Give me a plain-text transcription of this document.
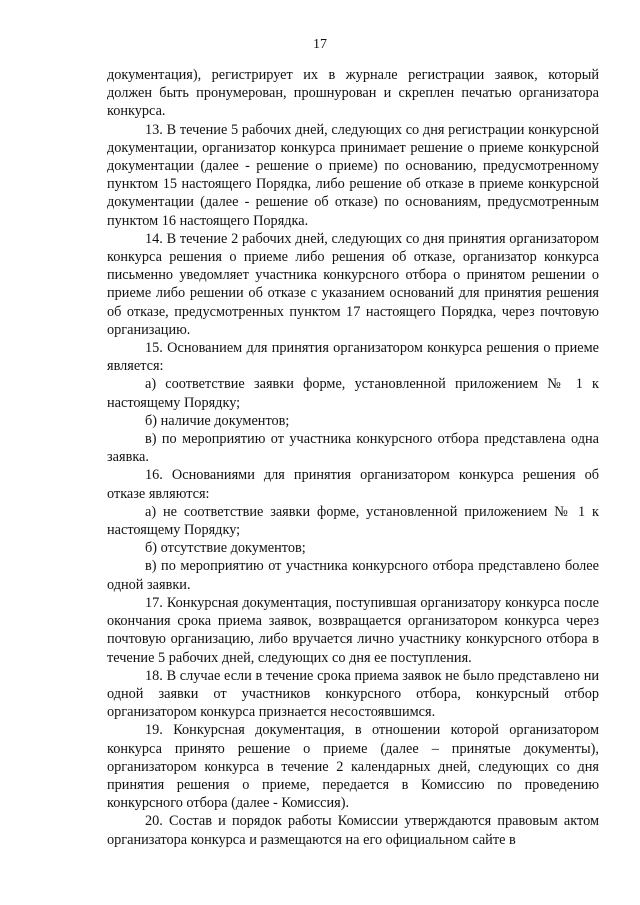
17

документация), регистрирует их в журнале регистрации заявок, который должен быть пронумерован, прошнурован и скреплен печатью организатора конкурса.

13. В течение 5 рабочих дней, следующих со дня регистрации конкурсной документации, организатор конкурса принимает решение о приеме конкурсной документации (далее - решение о приеме) по основанию, предусмотренному пунктом 15 настоящего Порядка, либо решение об отказе в приеме конкурсной документации (далее - решение об отказе) по основаниям, предусмотренным пунктом 16 настоящего Порядка.

14. В течение 2 рабочих дней, следующих со дня принятия организатором конкурса решения о приеме либо решения об отказе, организатор конкурса письменно уведомляет участника конкурсного отбора о принятом решении о приеме либо решении об отказе с указанием оснований для принятия решения об отказе, предусмотренных пунктом 17 настоящего Порядка, через почтовую организацию.

15. Основанием для принятия организатором конкурса решения о приеме является:

а) соответствие заявки форме, установленной приложением № 1 к настоящему Порядку;

б) наличие документов;

в) по мероприятию от участника конкурсного отбора представлена одна заявка.

16. Основаниями для принятия организатором конкурса решения об отказе являются:

а) не соответствие заявки форме, установленной приложением № 1 к настоящему Порядку;

б) отсутствие документов;

в) по мероприятию от участника конкурсного отбора представлено более одной заявки.

17. Конкурсная документация, поступившая организатору конкурса после окончания срока приема заявок, возвращается организатором конкурса через почтовую организацию, либо вручается лично участнику конкурсного отбора в течение 5 рабочих дней, следующих со дня ее поступления.

18. В случае если в течение срока приема заявок не было представлено ни одной заявки от участников конкурсного отбора, конкурсный отбор организатором конкурса признается несостоявшимся.

19. Конкурсная документация, в отношении которой организатором конкурса принято решение о приеме (далее – принятые документы), организатором конкурса в течение 2 календарных дней, следующих со дня принятия решения о приеме, передается в Комиссию по проведению конкурсного отбора (далее - Комиссия).

20. Состав и порядок работы Комиссии утверждаются правовым актом организатора конкурса и размещаются на его официальном сайте в
